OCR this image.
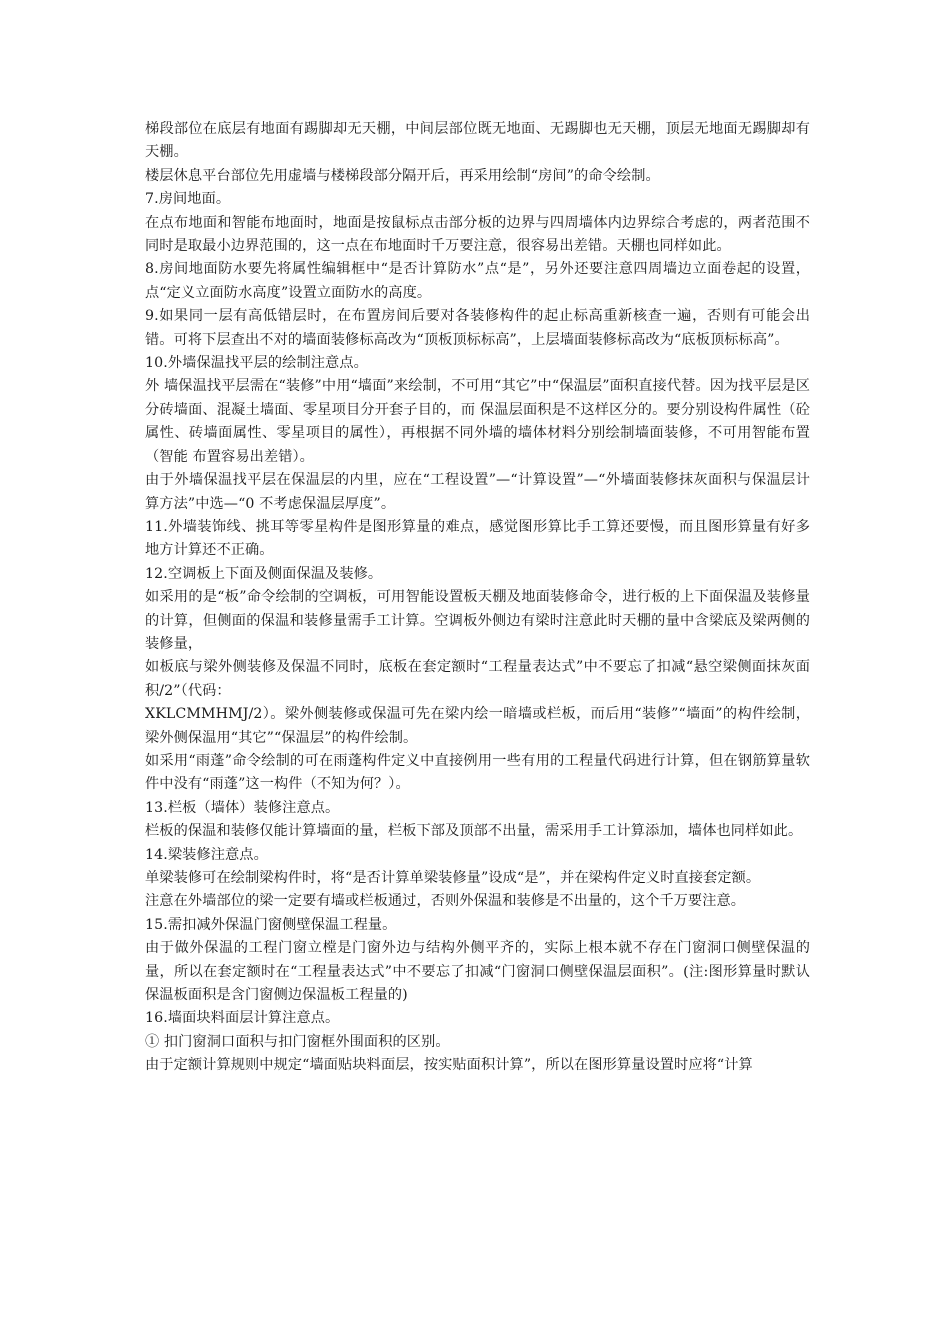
梯段部位在底层有地面有踢脚却无天棚，中间层部位既无地面、无踢脚也无天棚，顶层无地面无踢脚却有天棚。

楼层休息平台部位先用虚墙与楼梯段部分隔开后，再采用绘制“房间”的命令绘制。

7.房间地面。

在点布地面和智能布地面时，地面是按鼠标点击部分板的边界与四周墙体内边界综合考虑的，两者范围不同时是取最小边界范围的，这一点在布地面时千万要注意，很容易出差错。天棚也同样如此。

8.房间地面防水要先将属性编辑框中“是否计算防水”点“是”，另外还要注意四周墙边立面卷起的设置，点“定义立面防水高度”设置立面防水的高度。

9.如果同一层有高低错层时，在布置房间后要对各装修构件的起止标高重新核查一遍，否则有可能会出错。可将下层查出不对的墙面装修标高改为“顶板顶标标高”，上层墙面装修标高改为“底板顶标标高”。

10.外墙保温找平层的绘制注意点。

外 墙保温找平层需在“装修”中用“墙面”来绘制，不可用“其它”中“保温层”面积直接代替。因为找平层是区分砖墙面、混凝土墙面、零星项目分开套子目的，而 保温层面积是不这样区分的。要分别设构件属性（砼属性、砖墙面属性、零星项目的属性），再根据不同外墙的墙体材料分别绘制墙面装修，不可用智能布置（智能 布置容易出差错）。

由于外墙保温找平层在保温层的内里，应在“工程设置”—“计算设置”—“外墙面装修抹灰面积与保温层计算方法”中选—“0 不考虑保温层厚度”。

11.外墙装饰线、挑耳等零星构件是图形算量的难点，感觉图形算比手工算还要慢，而且图形算量有好多地方计算还不正确。

12.空调板上下面及侧面保温及装修。

如采用的是“板”命令绘制的空调板，可用智能设置板天棚及地面装修命令，进行板的上下面保温及装修量的计算，但侧面的保温和装修量需手工计算。空调板外侧边有梁时注意此时天棚的量中含梁底及梁两侧的装修量，

如板底与梁外侧装修及保温不同时，底板在套定额时“工程量表达式”中不要忘了扣减“悬空梁侧面抹灰面积/2”（代码：

XKLCMMHMJ/2）。梁外侧装修或保温可先在梁内绘一暗墙或栏板，而后用“装修”“墙面”的构件绘制，梁外侧保温用“其它”“保温层”的构件绘制。

如采用“雨蓬”命令绘制的可在雨蓬构件定义中直接例用一些有用的工程量代码进行计算，但在钢筋算量软件中没有“雨蓬”这一构件（不知为何？）。

13.栏板（墙体）装修注意点。

栏板的保温和装修仅能计算墙面的量，栏板下部及顶部不出量，需采用手工计算添加，墙体也同样如此。

14.梁装修注意点。

单梁装修可在绘制梁构件时，将“是否计算单梁装修量”设成“是”，并在梁构件定义时直接套定额。

注意在外墙部位的梁一定要有墙或栏板通过，否则外保温和装修是不出量的，这个千万要注意。

15.需扣减外保温门窗侧壁保温工程量。

由于做外保温的工程门窗立樘是门窗外边与结构外侧平齐的，实际上根本就不存在门窗洞口侧壁保温的量，所以在套定额时在“工程量表达式”中不要忘了扣减“门窗洞口侧壁保温层面积”。(注:图形算量时默认保温板面积是含门窗侧边保温板工程量的)

16.墙面块料面层计算注意点。

① 扣门窗洞口面积与扣门窗框外围面积的区别。

由于定额计算规则中规定“墙面贴块料面层，按实贴面积计算”，所以在图形算量设置时应将“计算
